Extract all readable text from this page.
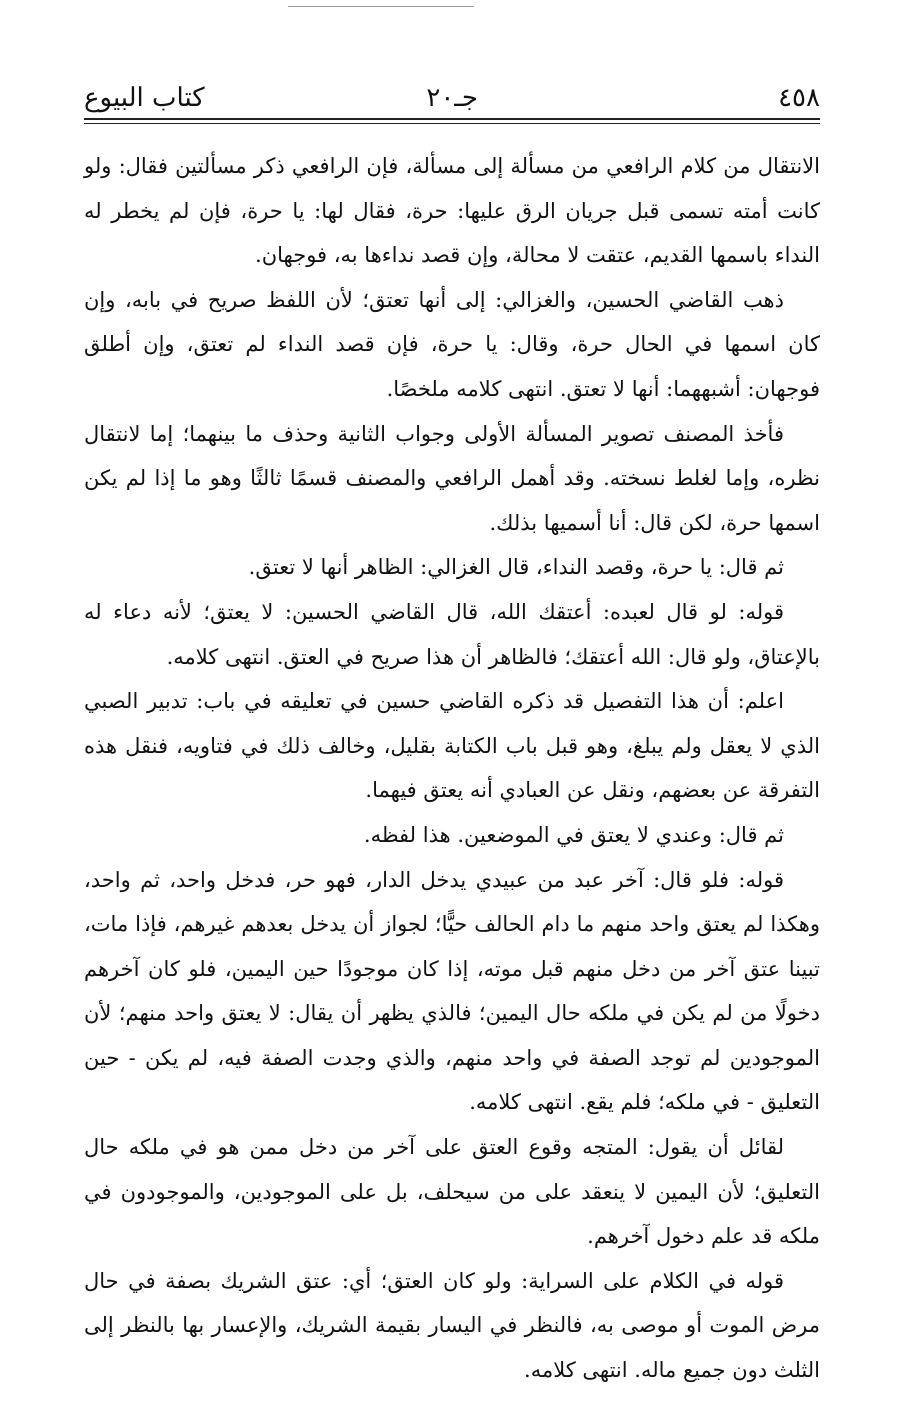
٤٥٨
جـ٢٠
كتاب البيوع

الانتقال من كلام الرافعي من مسألة إلى مسألة، فإن الرافعي ذكر مسألتين فقال: ولو كانت أمته تسمى قبل جريان الرق عليها: حرة، فقال لها: يا حرة، فإن لم يخطر له النداء باسمها القديم، عتقت لا محالة، وإن قصد نداءها به، فوجهان.

ذهب القاضي الحسين، والغزالي: إلى أنها تعتق؛ لأن اللفظ صريح في بابه، وإن كان اسمها في الحال حرة، وقال: يا حرة، فإن قصد النداء لم تعتق، وإن أطلق فوجهان: أشبههما: أنها لا تعتق. انتهى كلامه ملخصًا.

فأخذ المصنف تصوير المسألة الأولى وجواب الثانية وحذف ما بينهما؛ إما لانتقال نظره، وإما لغلط نسخته. وقد أهمل الرافعي والمصنف قسمًا ثالثًا وهو ما إذا لم يكن اسمها حرة، لكن قال: أنا أسميها بذلك.

ثم قال: يا حرة، وقصد النداء، قال الغزالي: الظاهر أنها لا تعتق.

قوله: لو قال لعبده: أعتقك الله، قال القاضي الحسين: لا يعتق؛ لأنه دعاء له بالإعتاق، ولو قال: الله أعتقك؛ فالظاهر أن هذا صريح في العتق. انتهى كلامه.

اعلم: أن هذا التفصيل قد ذكره القاضي حسين في تعليقه في باب: تدبير الصبي الذي لا يعقل ولم يبلغ، وهو قبل باب الكتابة بقليل، وخالف ذلك في فتاويه، فنقل هذه التفرقة عن بعضهم، ونقل عن العبادي أنه يعتق فيهما.

ثم قال: وعندي لا يعتق في الموضعين. هذا لفظه.

قوله: فلو قال: آخر عبد من عبيدي يدخل الدار، فهو حر، فدخل واحد، ثم واحد، وهكذا لم يعتق واحد منهم ما دام الحالف حيًّا؛ لجواز أن يدخل بعدهم غيرهم، فإذا مات، تبينا عتق آخر من دخل منهم قبل موته، إذا كان موجودًا حين اليمين، فلو كان آخرهم دخولًا من لم يكن في ملكه حال اليمين؛ فالذي يظهر أن يقال: لا يعتق واحد منهم؛ لأن الموجودين لم توجد الصفة في واحد منهم، والذي وجدت الصفة فيه، لم يكن - حين التعليق - في ملكه؛ فلم يقع. انتهى كلامه.

لقائل أن يقول: المتجه وقوع العتق على آخر من دخل ممن هو في ملكه حال التعليق؛ لأن اليمين لا ينعقد على من سيحلف، بل على الموجودين، والموجودون في ملكه قد علم دخول آخرهم.

قوله في الكلام على السراية: ولو كان العتق؛ أي: عتق الشريك بصفة في حال مرض الموت أو موصى به، فالنظر في اليسار بقيمة الشريك، والإعسار بها بالنظر إلى الثلث دون جميع ماله. انتهى كلامه.
